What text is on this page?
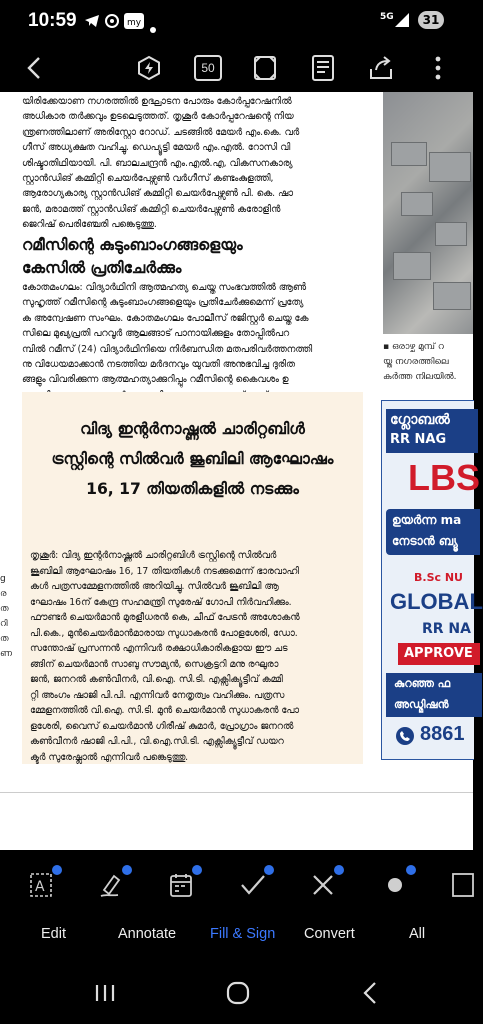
10:59	my
5G	31
50
യിരിക്കേയാണ നഗരത്തിൽ ഉദ്ഘാടന പോരും കോർപ്പറേഷനിൽ
അധികാര തർക്കവും ഉടലെടുത്തത്. തൃശൂർ കോർപ്പറേഷന്റെ നിയ
ന്ത്രണത്തിലാണ് അരിസ്റ്റോ റോഡ്. ചടങ്ങിൽ മേയർ എം.കെ. വർ
ഗീസ് അധ്യക്ഷത വഹിച്ചു. ഡെപ്യൂട്ടി മേയർ എം.എൽ. റോസി വി
ശിഷ്ടാതിഥിയായി. പി. ബാലചന്ദ്രൻ എം.എൽ.എ, വികസനകാര്യ
സ്റ്റാൻഡിങ് കമ്മിറ്റി ചെയർപേഴ്സൺ വർഗീസ് കണ്ടംകുളത്തി,
ആരോഗ്യകാര്യ സ്റ്റാൻഡിങ് കമ്മിറ്റി ചെയർപേഴ്സൺ പി. കെ. ഷാ
ജൻ, മരാമത്ത് സ്റ്റാൻഡിങ് കമ്മിറ്റി ചെയർപേഴ്സൺ കരോളിൻ
ജെറിഷ് പെരിഞ്ചേരി പങ്കെടുത്തു.
റമീസിന്റെ കുടുംബാംഗങ്ങളെയും
കേസിൽ പ്രതിചേർക്കും
കോതമംഗലം: വിദ്യാർഥിനി ആത്മഹത്യ ചെയ്ത സംഭവത്തിൽ ആൺ
സുഹൃത്ത് റമീസിന്റെ കുടുംബാംഗങ്ങളെയും പ്രതിചേർക്കുമെന്ന് പ്രത്യേ
ക അന്വേഷണ സംഘം. കോതമംഗലം പോലീസ് രജിസ്റ്റർ ചെയ്ത കേ
സിലെ മുഖ്യപ്രതി പറവൂർ ആലങ്ങാട് പാനായിക്കുളം തോപ്പിൽപറ
മ്പിൽ റമീസ് (24) വിദ്യാർഥിനിയെ നിർബന്ധിത മതപരിവർത്തനത്തി
നു വിധേയമാക്കാൻ നടത്തിയ മർദനവും യുവതി അനുഭവിച്ച ദുരിത
ങ്ങളും വിവരിക്കുന്ന ആത്മഹത്യാക്കുറിപ്പും റമീസിന്റെ കൈവശം ഉ
വിദ്യ ഇന്റർനാഷ്ണൽ ചാരിറ്റബിൾ
ട്രസ്റ്റിന്റെ സിൽവർ ജൂബിലി ആഘോഷം
16, 17 തിയതികളിൽ നടക്കും
തൃശൂർ: വിദ്യ ഇന്റർനാഷ്ണൽ ചാരിറ്റബിൾ ട്രസ്റ്റിന്റെ സിൽവർ
ജൂബിലി ആഘോഷം 16, 17 തിയതികൾ നടക്കുമെന്ന് ഭാരവാഹി
കൾ പത്രസമ്മേളനത്തിൽ അറിയിച്ചു. സിൽവർ ജൂബിലി ആ
ഘോഷം 16ന് കേന്ദ്ര സഹമന്ത്രി സുരേഷ് ഗോപി നിർവഹിക്കും.
ഫൗണ്ടർ ചെയർമാൻ മുരളീധരൻ കെ, ചീഫ് പേട്രൻ അശോകൻ
പി.കെ., മുൻചെയർമാൻമാരായ സുധാകരൻ പോളശേരി, ഡോ.
സന്തോഷ് പ്രസന്നൻ എന്നിവർ രക്ഷാധികാരികളായ ഈ ചട
ങ്ങിന് ചെയർമാൻ സാബു സൗമ്യൻ, സെക്രട്ടറി മനു രഘുരാ
ജൻ, ജനറൽ കൺവീനർ, വി.ഐ. സി.ടി. എക്സിക്യൂട്ടീവ് കമ്മി
റ്റി അംഗം ഷാജി പി.പി. എന്നിവർ നേതൃത്വം വഹിക്കും. പത്രസ
മ്മേളനത്തിൽ വി.ഐ. സി.ടി. മുൻ ചെയർമാൻ സുധാകരൻ പോ
ളശേരി, വൈസ് ചെയർമാൻ ഗിരീഷ് കുമാർ, പ്രോഗ്രാം ജനറൽ
കൺവീനർ ഷാജി പി.പി., വി.ഐ.സി.ടി. എക്സിക്യൂട്ടീവ് ഡയറ
ക്ടർ സുരേഷ്ലാൽ എന്നിവർ പങ്കെടുത്തു.
▪ ഒരാഴ്ച മുമ്പ് റ
യ്ത നഗരത്തിലെ
കർത്ത നിലയിൽ.
ഗ്ലോബൽ
RR NAG
LBS
ഉയർന്ന ma
നേടാൻ ബ്യൂ
B.Sc NU
GLOBAL
RR NA
APPROVE
കുറഞ്ഞ ഫ
അഡ്മിഷൻ
8861
g
ര
ത
റി
ത
ണ
A
Edit	Annotate Fill & Sign Convert	All
